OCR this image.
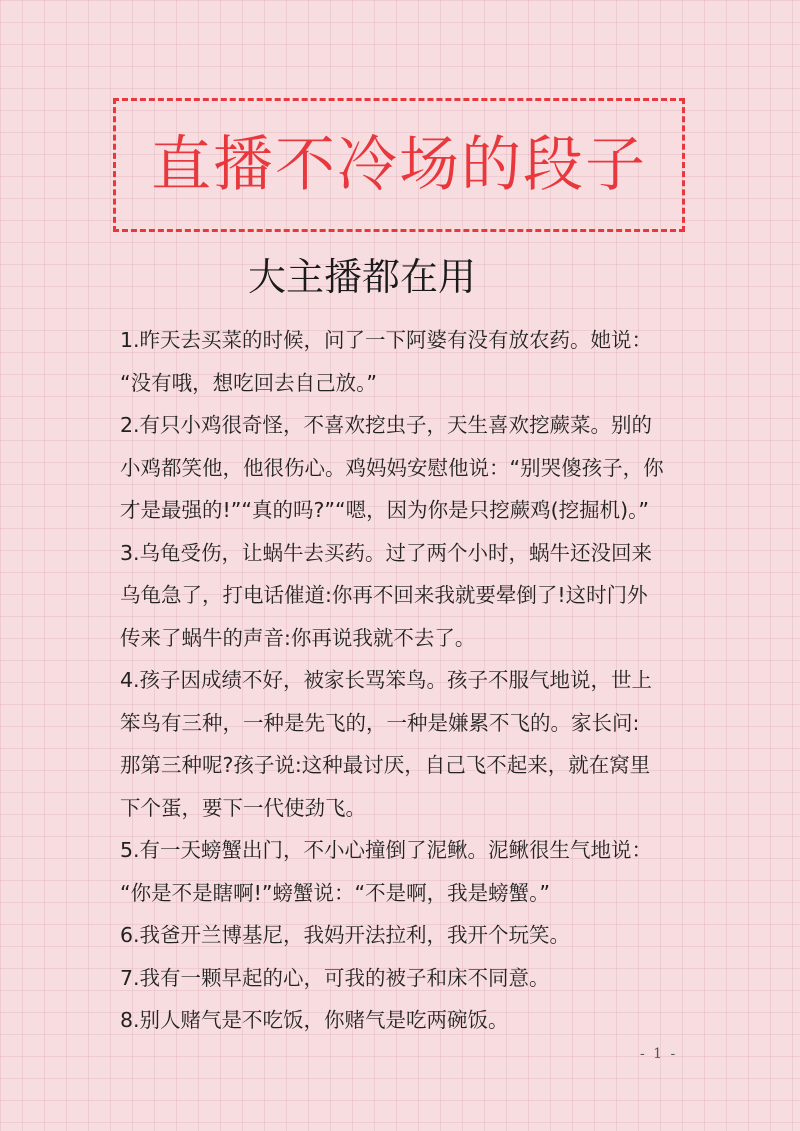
直播不冷场的段子
大主播都在用
1.昨天去买菜的时候，问了一下阿婆有没有放农药。她说：
“没有哦，想吃回去自己放。”
2.有只小鸡很奇怪，不喜欢挖虫子，天生喜欢挖蕨菜。别的
小鸡都笑他，他很伤心。鸡妈妈安慰他说：“别哭傻孩子，你
才是最强的!”“真的吗?”“嗯，因为你是只挖蕨鸡(挖掘机)。”
3.乌龟受伤，让蜗牛去买药。过了两个小时，蜗牛还没回来
乌龟急了，打电话催道:你再不回来我就要晕倒了!这时门外
传来了蜗牛的声音:你再说我就不去了。
4.孩子因成绩不好，被家长骂笨鸟。孩子不服气地说，世上
笨鸟有三种，一种是先飞的，一种是嫌累不飞的。家长问:
那第三种呢?孩子说:这种最讨厌，自己飞不起来，就在窝里
下个蛋，要下一代使劲飞。
5.有一天螃蟹出门，不小心撞倒了泥鳅。泥鳅很生气地说：
“你是不是瞎啊!”螃蟹说：“不是啊，我是螃蟹。”
6.我爸开兰博基尼，我妈开法拉利，我开个玩笑。
7.我有一颗早起的心，可我的被子和床不同意。
8.别人赌气是不吃饭，你赌气是吃两碗饭。
- 1 -
